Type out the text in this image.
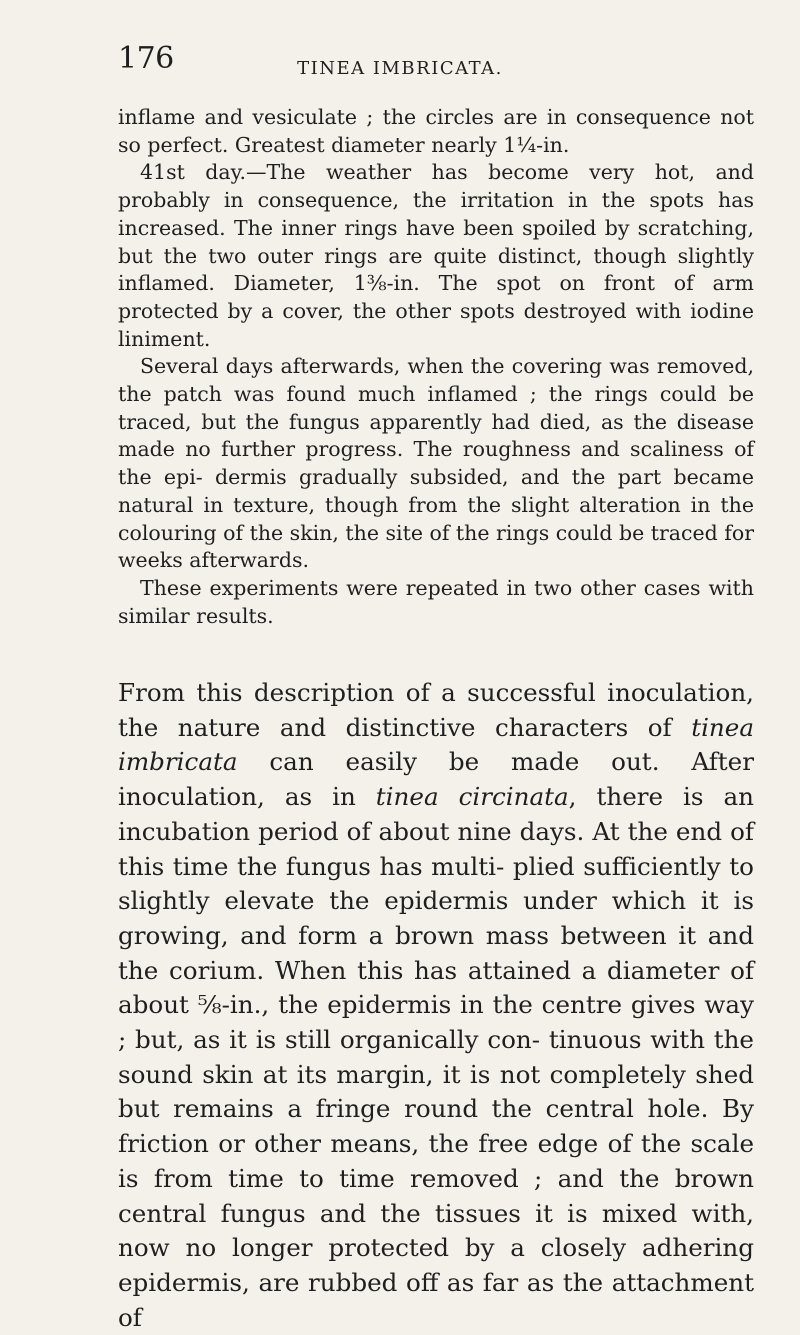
176	TINEA IMBRICATA.

inflame and vesiculate ; the circles are in consequence not so perfect. Greatest diameter nearly 1¼-in.

41st day.—The weather has become very hot, and probably in consequence, the irritation in the spots has increased. The inner rings have been spoiled by scratching, but the two outer rings are quite distinct, though slightly inflamed. Diameter, 1⅜-in. The spot on front of arm protected by a cover, the other spots destroyed with iodine liniment.

Several days afterwards, when the covering was removed, the patch was found much inflamed ; the rings could be traced, but the fungus apparently had died, as the disease made no further progress. The roughness and scaliness of the epi- dermis gradually subsided, and the part became natural in texture, though from the slight alteration in the colouring of the skin, the site of the rings could be traced for weeks afterwards.

These experiments were repeated in two other cases with similar results.

From this description of a successful inoculation, the nature and distinctive characters of tinea imbricata can easily be made out. After inoculation, as in tinea circinata, there is an incubation period of about nine days. At the end of this time the fungus has multi- plied sufficiently to slightly elevate the epidermis under which it is growing, and form a brown mass between it and the corium. When this has attained a diameter of about ⅝-in., the epidermis in the centre gives way ; but, as it is still organically con- tinuous with the sound skin at its margin, it is not completely shed but remains a fringe round the central hole. By friction or other means, the free edge of the scale is from time to time removed ; and the brown central fungus and the tissues it is mixed with, now no longer protected by a closely adhering epidermis, are rubbed off as far as the attachment of
